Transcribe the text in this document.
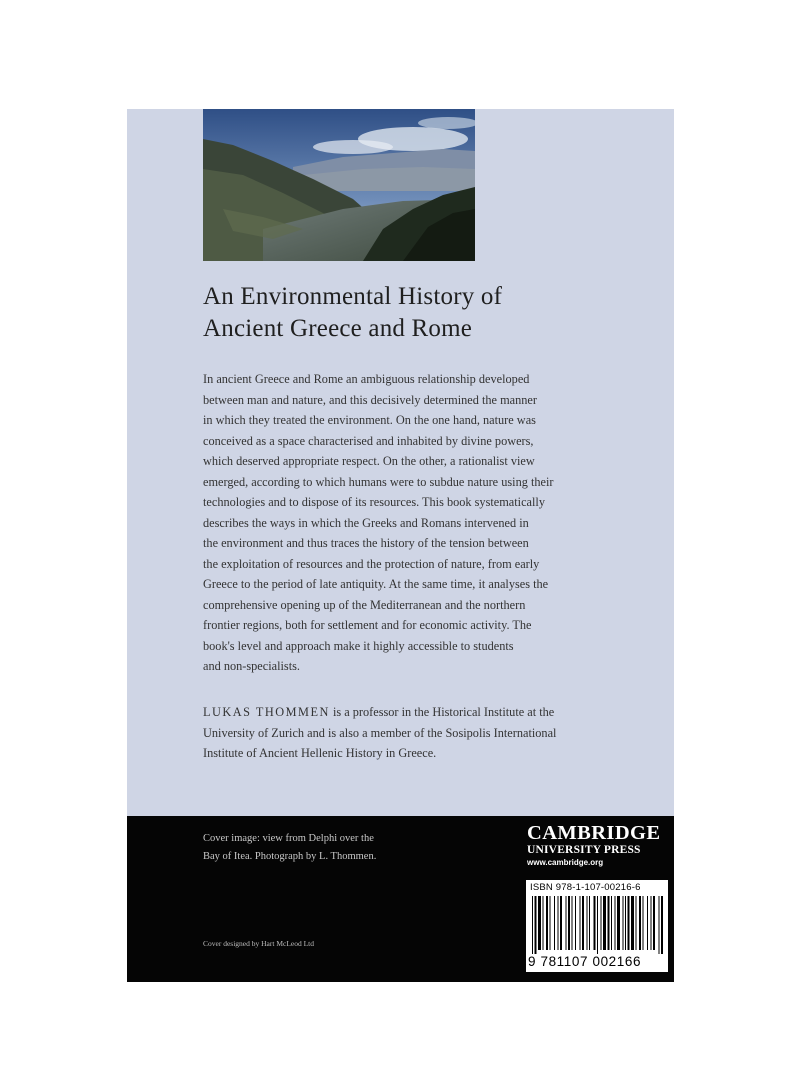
An Environmental History of
Ancient Greece and Rome

In ancient Greece and Rome an ambiguous relationship developed
between man and nature, and this decisively determined the manner
in which they treated the environment. On the one hand, nature was
conceived as a space characterised and inhabited by divine powers,
which deserved appropriate respect. On the other, a rationalist view
emerged, according to which humans were to subdue nature using their
technologies and to dispose of its resources. This book systematically
describes the ways in which the Greeks and Romans intervened in
the environment and thus traces the history of the tension between
the exploitation of resources and the protection of nature, from early
Greece to the period of late antiquity. At the same time, it analyses the
comprehensive opening up of the Mediterranean and the northern
frontier regions, both for settlement and for economic activity. The
book's level and approach make it highly accessible to students
and non-specialists.

LUKAS THOMMEN is a professor in the Historical Institute at the
University of Zurich and is also a member of the Sosipolis International
Institute of Ancient Hellenic History in Greece.

Cover image: view from Delphi over the
Bay of Itea. Photograph by L. Thommen.

Cover designed by Hart McLeod Ltd

CAMBRIDGE
UNIVERSITY PRESS
www.cambridge.org

ISBN 978-1-107-00216-6

9 781107 002166
